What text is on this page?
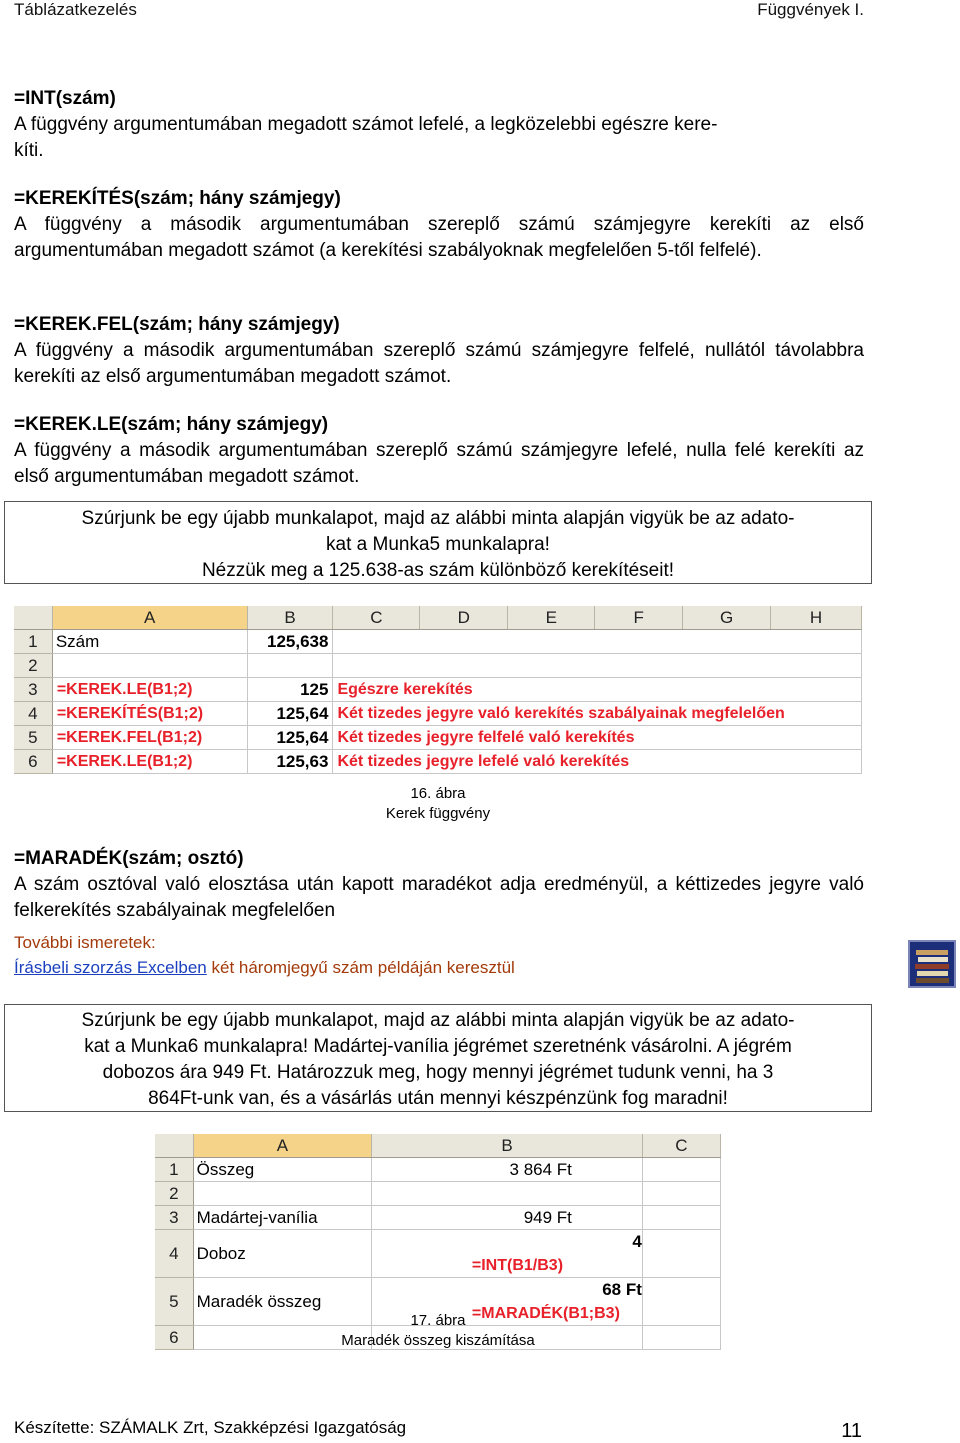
Táblázatkezelés	Függvények I.
=INT(szám)
A függvény argumentumában megadott számot lefelé, a legközelebbi egészre kere-
kíti.
=KEREKÍTÉS(szám; hány számjegy)
A függvény a második argumentumában szereplő számú számjegyre kerekíti az első argumentumában megadott számot (a kerekítési szabályoknak megfelelően 5-től felfelé).
=KEREK.FEL(szám; hány számjegy)
A függvény a második argumentumában szereplő számú számjegyre felfelé, nullától távolabbra kerekíti az első argumentumában megadott számot.
=KEREK.LE(szám; hány számjegy)
A függvény a második argumentumában szereplő számú számjegyre lefelé, nulla felé kerekíti az első argumentumában megadott számot.
Szúrjunk be egy újabb munkalapot, majd az alábbi minta alapján vigyük be az adato-
kat a Munka5 munkalapra!
Nézzük meg a 125.638-as szám különböző kerekítéseit!
	A	B	C	D	E	F	G	H
1	Szám	125,638						
2								
3	=KEREK.LE(B1;2)	125	Egészre kerekítés					
4	=KEREKÍTÉS(B1;2)	125,64	Két tizedes jegyre való kerekítés szabályainak megfelelően					
5	=KEREK.FEL(B1;2)	125,64	Két tizedes jegyre felfelé való kerekítés					
6	=KEREK.LE(B1;2)	125,63	Két tizedes jegyre lefelé való kerekítés					
16. ábra
Kerek függvény
=MARADÉK(szám; osztó)
A szám osztóval való elosztása után kapott maradékot adja eredményül, a kéttizedes jegyre való felkerekítés szabályainak megfelelően
További ismeretek:
Írásbeli szorzás Excelben két háromjegyű szám példáján keresztül
Szúrjunk be egy újabb munkalapot, majd az alábbi minta alapján vigyük be az adato-
kat a Munka6 munkalapra! Madártej-vanília jégrémet szeretnénk vásárolni. A jégrém
dobozos ára 949 Ft. Határozzuk meg, hogy mennyi jégrémet tudunk venni, ha 3
864Ft-unk van, és a vásárlás után mennyi készpénzünk fog maradni!
	A	B	C
1	Összeg	3 864 Ft	
2			
3	Madártej-vanília	949 Ft	
4	Doboz	4=INT(B1/B3)	
5	Maradék összeg	68 Ft=MARADÉK(B1;B3)	
6			
17. ábra
Maradék összeg kiszámítása
Készítette: SZÁMALK Zrt, Szakképzési Igazgatóság	11
